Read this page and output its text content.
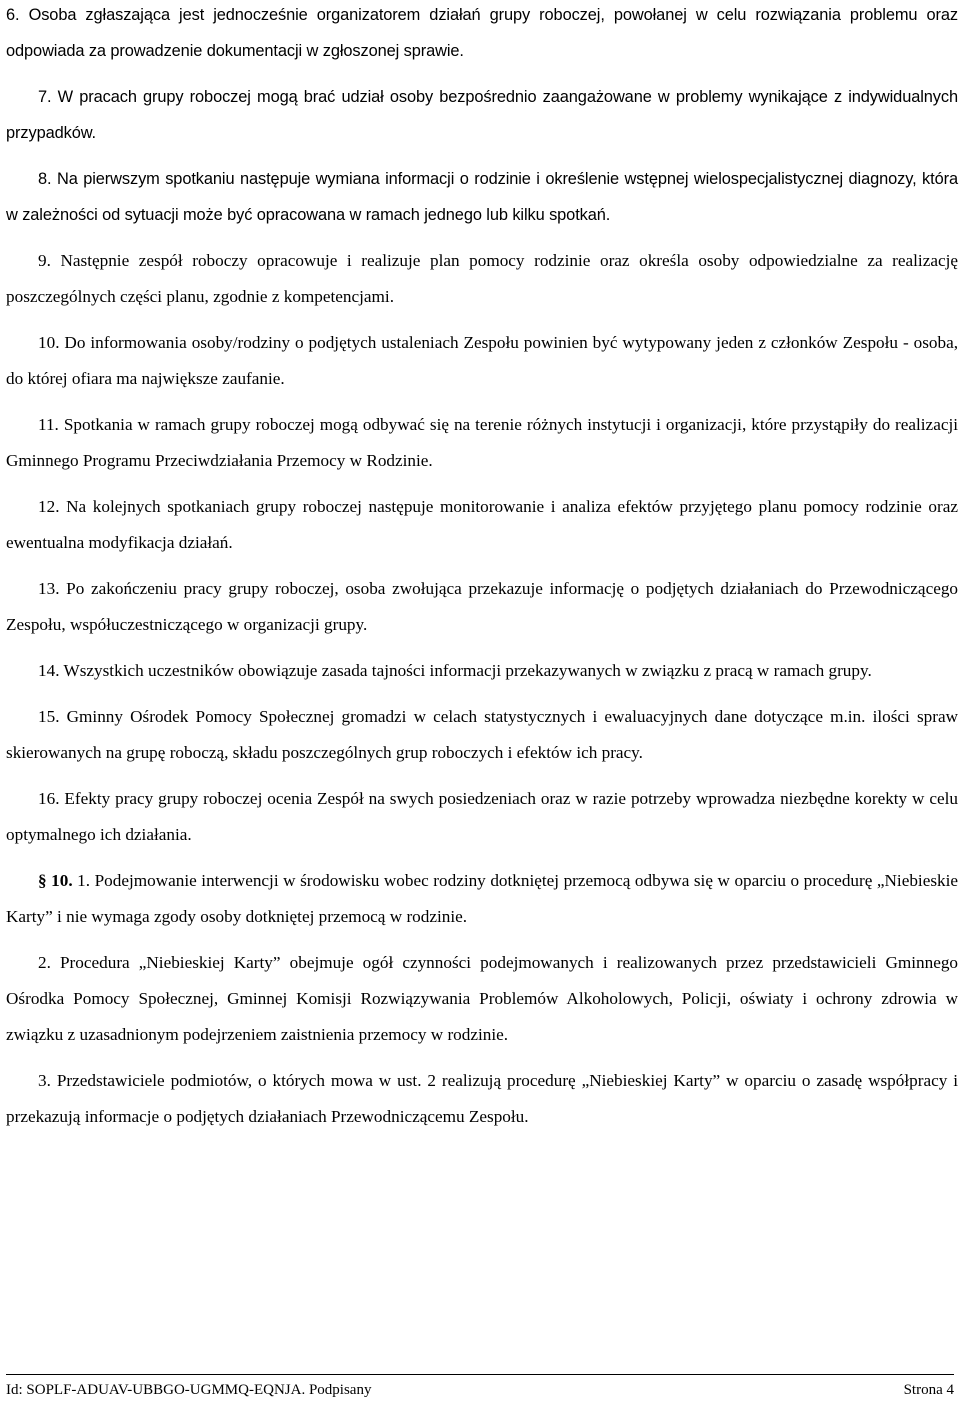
6. Osoba zgłaszająca jest jednocześnie organizatorem działań grupy roboczej, powołanej w celu rozwiązania problemu oraz odpowiada za prowadzenie dokumentacji w zgłoszonej sprawie.

7. W pracach grupy roboczej mogą brać udział osoby bezpośrednio zaangażowane w problemy wynikające z indywidualnych przypadków.

8. Na pierwszym spotkaniu następuje wymiana informacji o rodzinie i określenie wstępnej wielospecjalistycznej diagnozy, która w zależności od sytuacji może być opracowana w ramach jednego lub kilku spotkań.

9. Następnie zespół roboczy opracowuje i realizuje plan pomocy rodzinie oraz określa osoby odpowiedzialne za realizację poszczególnych części planu, zgodnie z kompetencjami.

10. Do informowania osoby/rodziny o podjętych ustaleniach Zespołu powinien być wytypowany jeden z członków Zespołu - osoba, do której ofiara ma największe zaufanie.

11. Spotkania w ramach grupy roboczej mogą odbywać się na terenie różnych instytucji i organizacji, które przystąpiły do realizacji Gminnego Programu Przeciwdziałania Przemocy w Rodzinie.

12. Na kolejnych spotkaniach grupy roboczej następuje monitorowanie i analiza efektów przyjętego planu pomocy rodzinie oraz ewentualna modyfikacja działań.

13. Po zakończeniu pracy grupy roboczej, osoba zwołująca przekazuje informację o podjętych działaniach do Przewodniczącego Zespołu, współuczestniczącego w organizacji grupy.

14. Wszystkich uczestników obowiązuje zasada tajności informacji przekazywanych w związku z pracą w ramach grupy.

15. Gminny Ośrodek Pomocy Społecznej gromadzi w celach statystycznych i ewaluacyjnych dane dotyczące m.in. ilości spraw skierowanych na grupę roboczą, składu poszczególnych grup roboczych i efektów ich pracy.

16. Efekty pracy grupy roboczej ocenia Zespół na swych posiedzeniach oraz w razie potrzeby wprowadza niezbędne korekty w celu optymalnego ich działania.

§ 10. 1. Podejmowanie interwencji w środowisku wobec rodziny dotkniętej przemocą odbywa się w oparciu o procedurę „Niebieskie Karty” i nie wymaga zgody osoby dotkniętej przemocą w rodzinie.

2. Procedura „Niebieskiej Karty” obejmuje ogół czynności podejmowanych i realizowanych przez przedstawicieli Gminnego Ośrodka Pomocy Społecznej, Gminnej Komisji Rozwiązywania Problemów Alkoholowych, Policji, oświaty i ochrony zdrowia w związku z uzasadnionym podejrzeniem zaistnienia przemocy w rodzinie.

3. Przedstawiciele podmiotów, o których mowa w ust. 2 realizują procedurę „Niebieskiej Karty” w oparciu o zasadę współpracy i przekazują informacje o podjętych działaniach Przewodniczącemu Zespołu.

Id: SOPLF-ADUAV-UBBGO-UGMMQ-EQNJA. Podpisany	Strona 4
